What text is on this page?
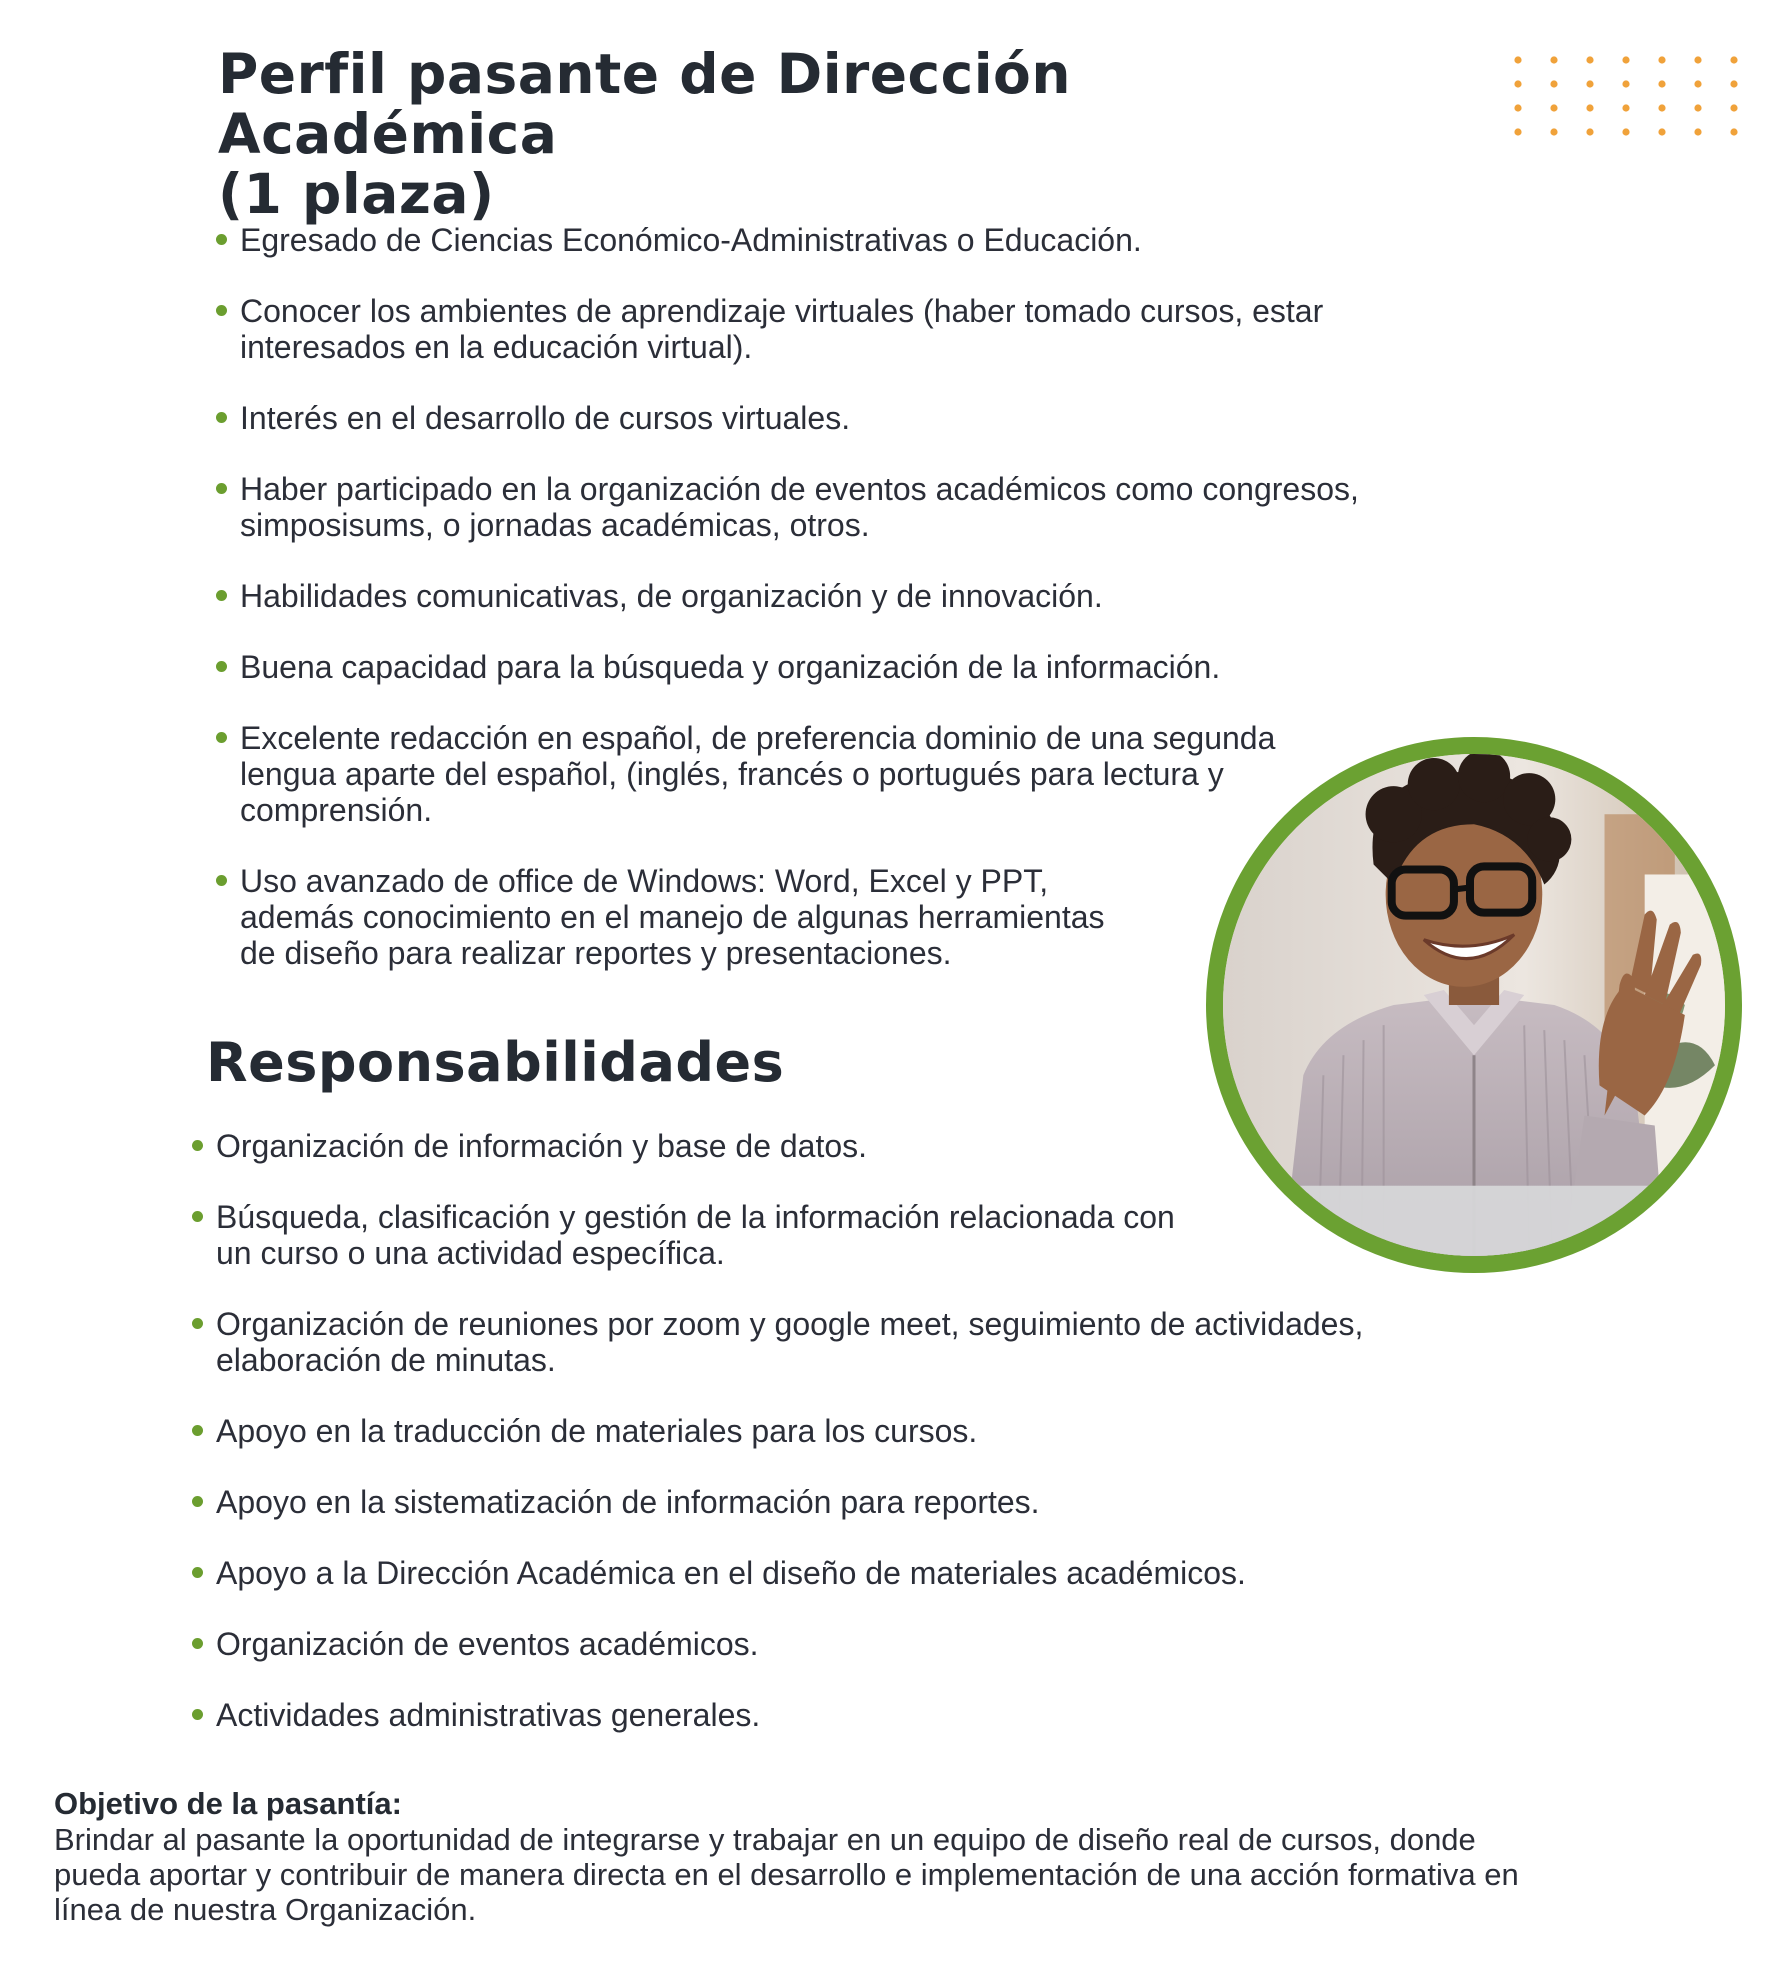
Perfil pasante de Dirección Académica
(1 plaza)
Egresado de Ciencias Económico-Administrativas o Educación.
Conocer los ambientes de aprendizaje virtuales (haber tomado cursos, estar
interesados en la educación virtual).
Interés en el desarrollo de cursos virtuales.
Haber participado en la organización de eventos académicos como congresos,
simposisums, o jornadas académicas, otros.
Habilidades comunicativas, de organización y de innovación.
Buena capacidad para la búsqueda y organización de la información.
Excelente redacción en español, de preferencia dominio de una segunda
lengua aparte del español, (inglés, francés o portugués para lectura y
comprensión.
Uso avanzado de office de Windows: Word, Excel y PPT,
además conocimiento en el manejo de algunas herramientas
de diseño para realizar reportes y presentaciones.
Responsabilidades
Organización de información y base de datos.
Búsqueda, clasificación y gestión de la información relacionada con
un curso o una actividad específica.
Organización de reuniones por zoom y google meet, seguimiento de actividades,
elaboración de minutas.
Apoyo en la traducción de materiales para los cursos.
Apoyo en la sistematización de información para reportes.
Apoyo a la Dirección Académica en el diseño de materiales académicos.
Organización de eventos académicos.
Actividades administrativas generales.

Objetivo de la pasantía:

Brindar al pasante la oportunidad de integrarse y trabajar en un equipo de diseño real de cursos, donde
pueda aportar y contribuir de manera directa en el desarrollo e implementación de una acción formativa en
línea de nuestra Organización.
